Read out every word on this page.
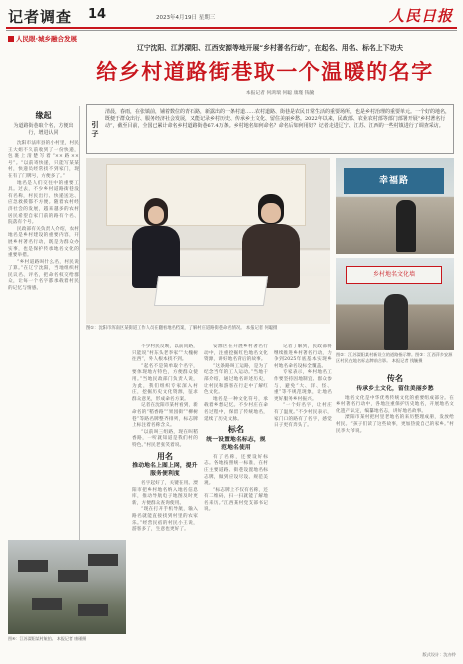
记者调查 14	2023年4月19日 星期三	人民日报
人民眼·城乡融合发展
辽宁沈阳、江苏溧阳、江西安源等地开展“乡村著名行动”，在起名、用名、标名上下功夫
给乡村道路街巷取一个温暖的名字
本报记者 何鸿瑞 何聪 康瑾 钱毓
缘起
为道路街巷取个名，方便出行，增进认同

沈阳市法库县的小村里，村民王大姐不久前收到了一份快递，包裹上清楚写着“××路××号”。“以前寄快递，只能写某某村，快递员经常找不到家门，现在有了门牌号，方便多了。”

地名是人们交往中的重要工具。过去，不少乡村道路街巷没有名称，村民出行、快递送达、应急救援都不方便。随着农村经济社会的发展，越来越多的农村居民希望自家门前的路有个名、院落有个号。

民政部有关负责人介绍，农村地名是乡村建设的重要内容，开展乡村著名行动，既是为群众办实事，也是保护传承地名文化的重要举措。

“乡村道路叫什么名，村民说了算。”在辽宁沈阳，当地组织村民议名、评名，把命名权交给群众，让每一个名字都承载着村民的记忆与情感。

引子
清晨，春雨，在张镇前，铺着数位的青石路，新露出的一条村道……农村道路、街巷是农民日常生活的重要场所，也是乡村治理的重要单元。一个好的地名，既便于群众出行、服务经济社会发展，又能记录乡村历史、传承乡土文化、留住美丽乡愁。2022年以来，民政部、农业农村部等部门部署开展“乡村著名行动”，截至目前，全国已累计命名乡村道路街巷67.4万条。乡村地名如何命名？命名后如何用好？记者走进辽宁、江苏、江西的一些村镇进行了调查采访。
图①：沈阳市浑南区某街道工作人员在翻看地名档案，了解村庄道路街巷命名情况。 本报记者 何聪摄
幸福路
乡村地名文化墙
图②：江苏溧阳某村新设立的道路指示牌。图③：江西萍乡安源区村民在地名标志牌前合影。 本报记者 钱毓摄
图④：江苏溧阳某村航拍。 本报记者 康瑾摄

不少村民反映，以前问路，只能说“村东头老李家”“大槐树往西”，外人根本找不到。

“起名不是简单取个名字，要体现地方特色，方便群众使用。”当地民政部门负责人说，为此，我们组织专家深入村庄，挖掘历史文化资源，征求群众意见，形成命名方案。

记者在沈阳市某村看到，新命名的“稻香路”“果园街”“柳树巷”等路名牌整齐排列，标志牌上标注着名称含义。

“以前叫三组路，现在叫稻香路，一听就知道是我们村的特色。”村民老张笑着说。

用名
推动地名上图上网，提升服务便利度

名字起好了，关键在用。溧阳市把乡村地名纳入地名信息库，推动导航电子地图及时更新，方便群众查询使用。

“现在打开手机导航，输入路名就能直接找到村里的农家乐。”经营民宿的村民小王说，游客多了，生意也更好了。

安源区在开展乡村著名行动中，注重挖掘红色地名文化资源，讲好地名背后的故事。

“这条路叫工运路，是为了纪念当年的工人运动。”当地干部介绍，通过地名讲述历史，让村民和游客在行走中了解红色文化。

地名是一种文化符号，承载着乡愁记忆。不少村庄在命名过程中，保留了传统地名，延续了历史文脉。

标名
统一设置地名标志，规范地名使用

有了名称，还要设好标志。各地按照统一标准，在村庄主要道路、街巷设置地名标志牌，做到应设尽设、规范美观。

“标志牌上不仅有名称，还有二维码，扫一扫就能了解地名来历。”江西某村党支部书记说。

记者了解到，民政部将继续推进乡村著名行动，力争到2025年底基本实现乡村地名命名设标全覆盖。

专家表示，乡村地名工作要坚持因地制宜、群众参与，避免“大、洋、怪、重”等不规范现象，让地名更好服务乡村振兴。

“一个好名字，让村庄有了温度。”不少村民表示，家门口的路有了名字，感觉日子更有奔头了。

传名
传承乡土文化，留住美丽乡愁

地名文化是中华优秀传统文化的重要组成部分。在乡村著名行动中，各地注重保护历史地名，开展地名文化遗产认定，编纂地名志，讲好地名故事。

溧阳市某村把村里老地名的来历整理成册，发放给村民。“孩子们读了这些故事，更加热爱自己的家乡。”村民李大爷说。

版式设计：沈亦伶
